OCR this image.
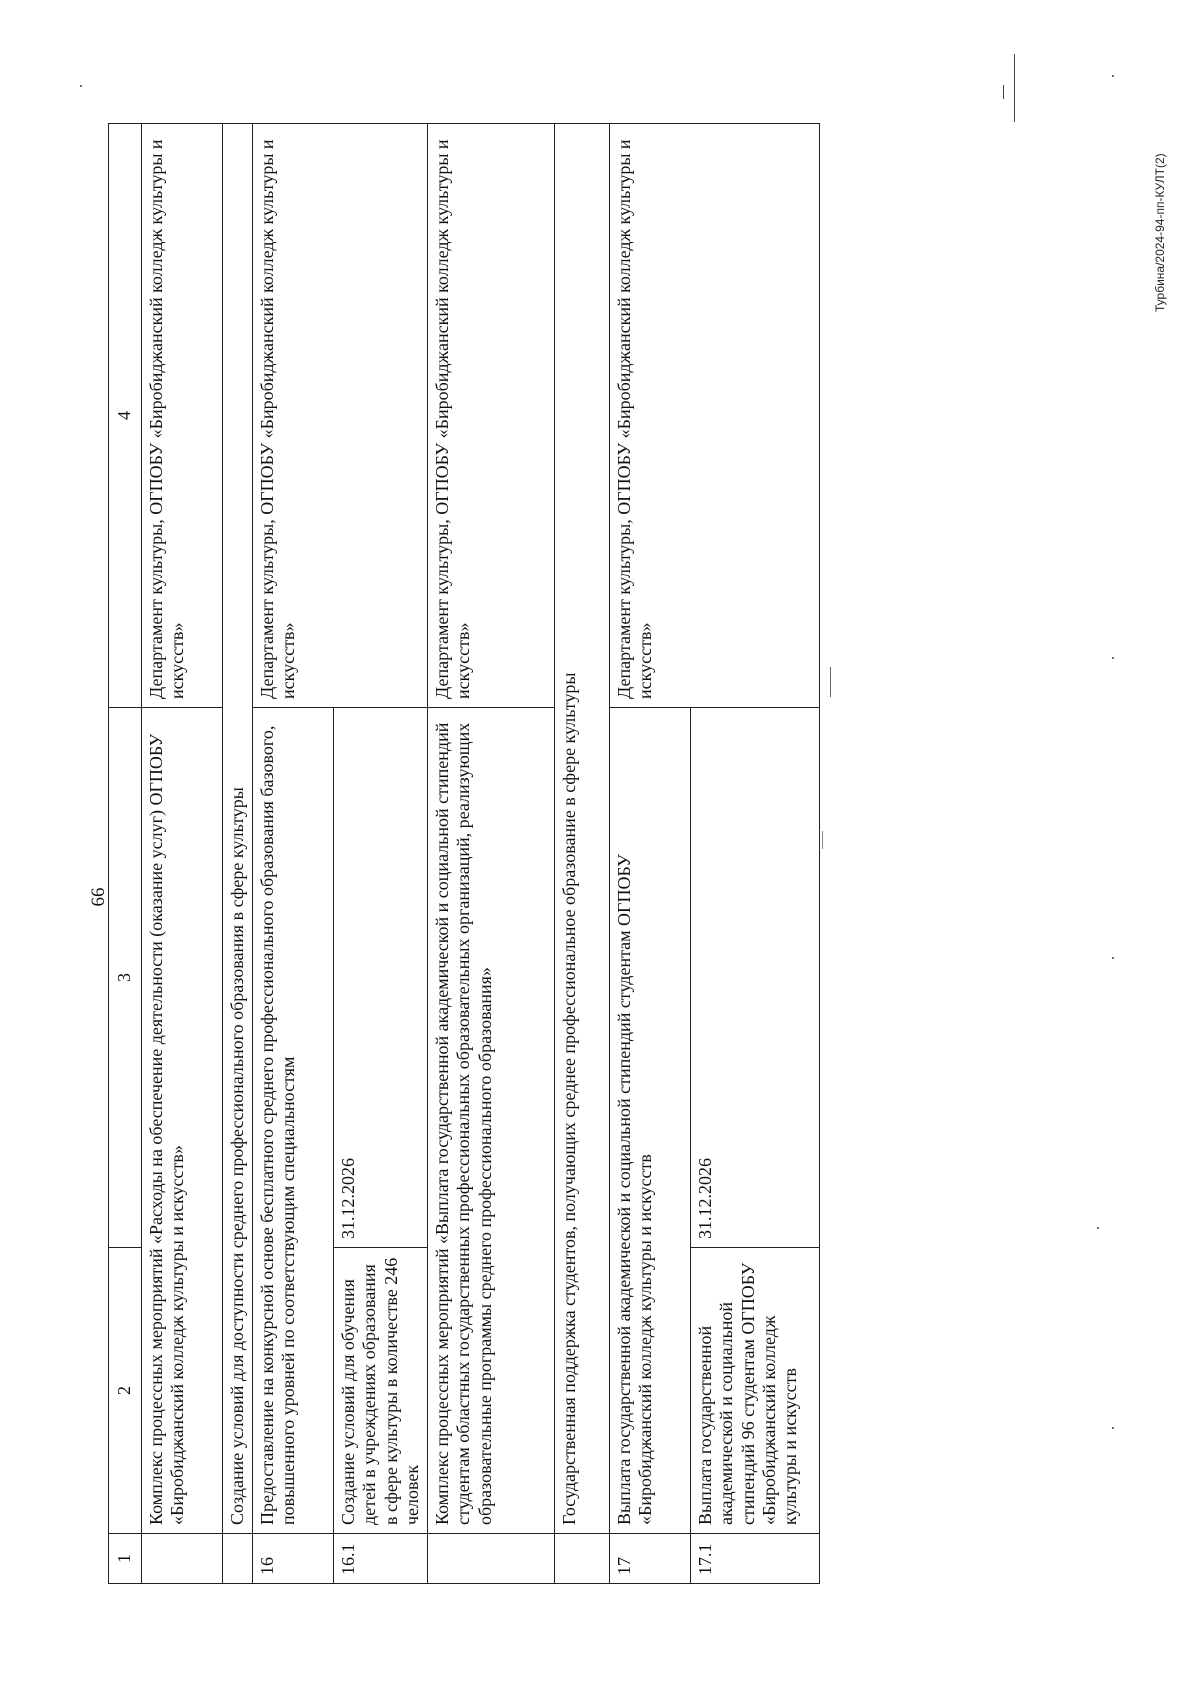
66
1	2	3	4
	Комплекс процессных мероприятий «Расходы на обеспечение деятельности (оказание услуг) ОГПОБУ «Биробиджанский колледж культуры и искусств»		Департамент культуры, ОГПОБУ «Биробиджанский колледж культуры и искусств»
	Создание условий для доступности среднего профессионального образования в сфере культуры		
16	Предоставление на конкурсной основе бесплатного среднего профессионального образования базового, повышенного уровней по соответствующим специальностям		Департамент культуры, ОГПОБУ «Биробиджанский колледж культуры и искусств»
16.1	Создание условий для обучения детей в учреждениях образования в сфере культуры в количестве 246 человек	31.12.2026	
	Комплекс процессных мероприятий «Выплата государственной академической и социальной стипендий студентам областных государственных профессиональных образовательных организаций, реализующих образовательные программы среднего профессионального образования»		Департамент культуры, ОГПОБУ «Биробиджанский колледж культуры и искусств»
	Государственная поддержка студентов, получающих среднее профессиональное образование в сфере культуры		
17	Выплата государственной академической и социальной стипендий студентам ОГПОБУ «Биробиджанский колледж культуры и искусств		Департамент культуры, ОГПОБУ «Биробиджанский колледж культуры и искусств»
17.1	Выплата государственной академической и социальной стипендий 96 студентам ОГПОБУ «Биробиджанский колледж культуры и искусств	31.12.2026	
Турбина/2024-94-пп-КУЛТ(2)
